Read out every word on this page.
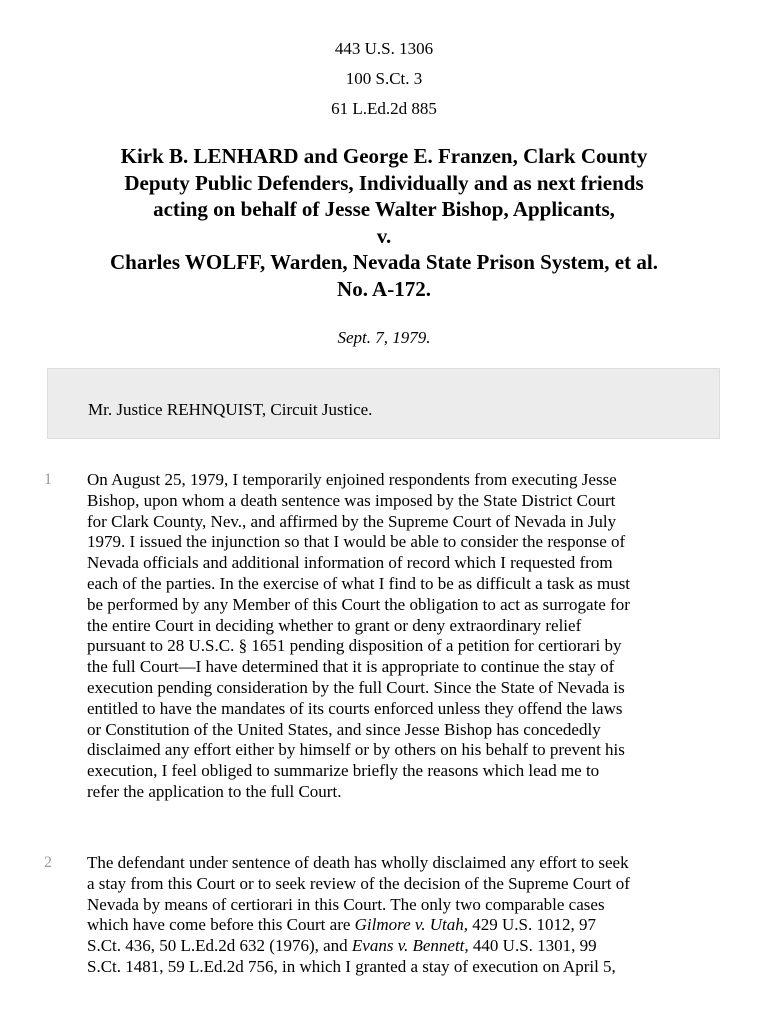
443 U.S. 1306
100 S.Ct. 3
61 L.Ed.2d 885
Kirk B. LENHARD and George E. Franzen, Clark County
Deputy Public Defenders, Individually and as next friends
acting on behalf of Jesse Walter Bishop, Applicants,
v.
Charles WOLFF, Warden, Nevada State Prison System, et al.
No. A-172.
Sept. 7, 1979.
Mr. Justice REHNQUIST, Circuit Justice.
1 On August 25, 1979, I temporarily enjoined respondents from executing Jesse
Bishop, upon whom a death sentence was imposed by the State District Court
for Clark County, Nev., and affirmed by the Supreme Court of Nevada in July
1979. I issued the injunction so that I would be able to consider the response of
Nevada officials and additional information of record which I requested from
each of the parties. In the exercise of what I find to be as difficult a task as must
be performed by any Member of this Court the obligation to act as surrogate for
the entire Court in deciding whether to grant or deny extraordinary relief
pursuant to 28 U.S.C. § 1651 pending disposition of a petition for certiorari by
the full Court—I have determined that it is appropriate to continue the stay of
execution pending consideration by the full Court. Since the State of Nevada is
entitled to have the mandates of its courts enforced unless they offend the laws
or Constitution of the United States, and since Jesse Bishop has concededly
disclaimed any effort either by himself or by others on his behalf to prevent his
execution, I feel obliged to summarize briefly the reasons which lead me to
refer the application to the full Court.
2 The defendant under sentence of death has wholly disclaimed any effort to seek
a stay from this Court or to seek review of the decision of the Supreme Court of
Nevada by means of certiorari in this Court. The only two comparable cases
which have come before this Court are Gilmore v. Utah, 429 U.S. 1012, 97
S.Ct. 436, 50 L.Ed.2d 632 (1976), and Evans v. Bennett, 440 U.S. 1301, 99
S.Ct. 1481, 59 L.Ed.2d 756, in which I granted a stay of execution on April 5,
